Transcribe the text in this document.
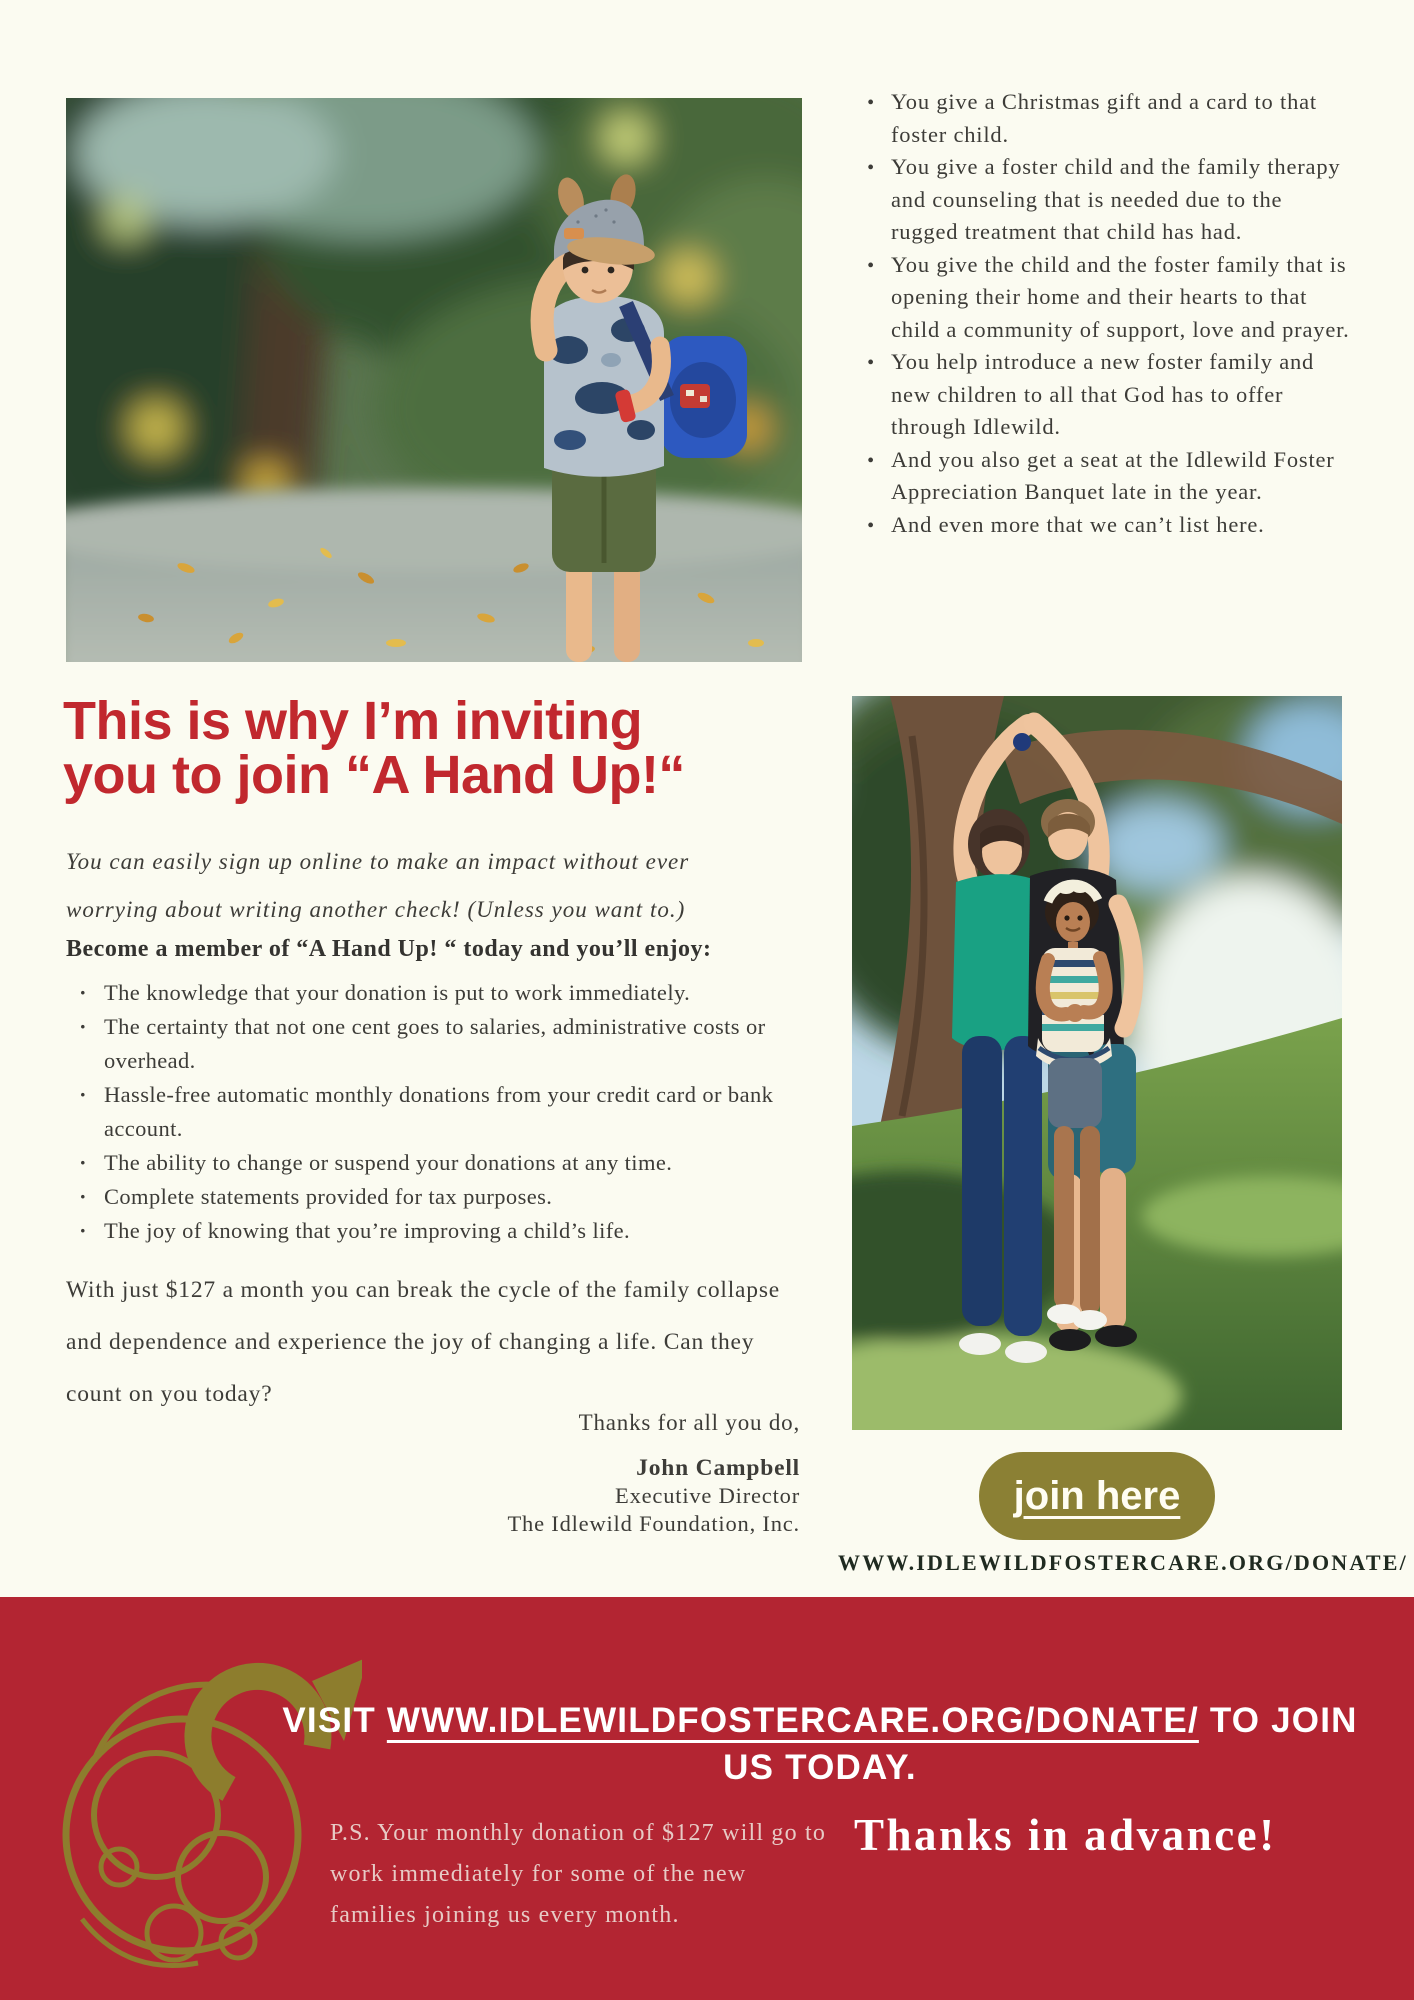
•
You give a Christmas gift and a card to that foster child.
•
You give a foster child and the family therapy and counseling that is needed due to the rugged treatment that child has had.
•
You give the child and the foster family that is opening their home and their hearts to that child a community of support, love and prayer.
•
You help introduce a new foster family and new children to all that God has to offer through Idlewild.
•
And you also get a seat at the Idlewild Foster Appreciation Banquet late in the year.
•
And even more that we can’t list here.
This is why I’m inviting
you to join “A Hand Up!“

You can easily sign up online to make an impact without ever worrying about writing another check! (Unless you want to.)

Become a member of “A Hand Up! “ today and you’ll enjoy:

·
The knowledge that your donation is put to work immediately.
·
The certainty that not one cent goes to salaries, administrative costs or overhead.
·
Hassle-free automatic monthly donations from your credit card or bank account.
·
The ability to change or suspend your donations at any time.
·
Complete statements provided for tax purposes.
·
The joy of knowing that you’re improving a child’s life.

With just $127 a month you can break the cycle of the family collapse and dependence and experience the joy of changing a life. Can they count on you today?

Thanks for all you do,

John Campbell
Executive Director
The Idlewild Foundation, Inc.
join here
WWW.IDLEWILDFOSTERCARE.ORG/DONATE/
VISIT WWW.IDLEWILDFOSTERCARE.ORG/DONATE/ TO JOIN
US TODAY.

P.S. Your monthly donation of $127 will go to work immediately for some of the new families joining us every month.

Thanks in advance!
